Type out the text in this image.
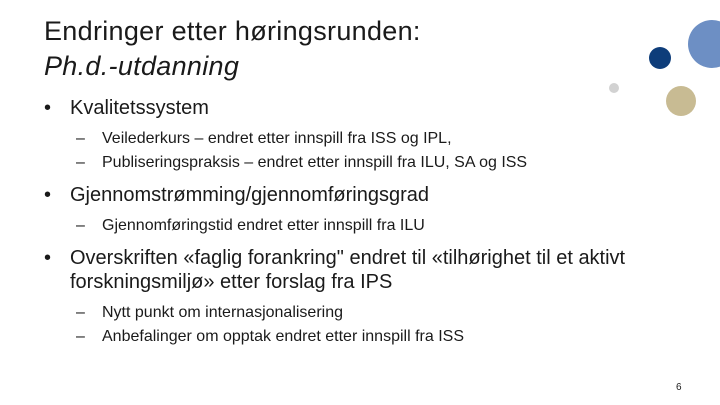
Endringer etter høringsrunden:
Ph.d.-utdanning
• Kvalitetssystem
– Veilederkurs – endret etter innspill fra ISS og IPL,
– Publiseringspraksis – endret etter innspill fra ILU, SA og ISS
• Gjennomstrømming/gjennomføringsgrad
– Gjennomføringstid endret etter innspill fra ILU
• Overskriften «faglig forankring" endret til «tilhørighet til et aktivt forskningsmiljø» etter forslag fra IPS
– Nytt punkt om internasjonalisering
– Anbefalinger om opptak endret etter innspill fra ISS
6
